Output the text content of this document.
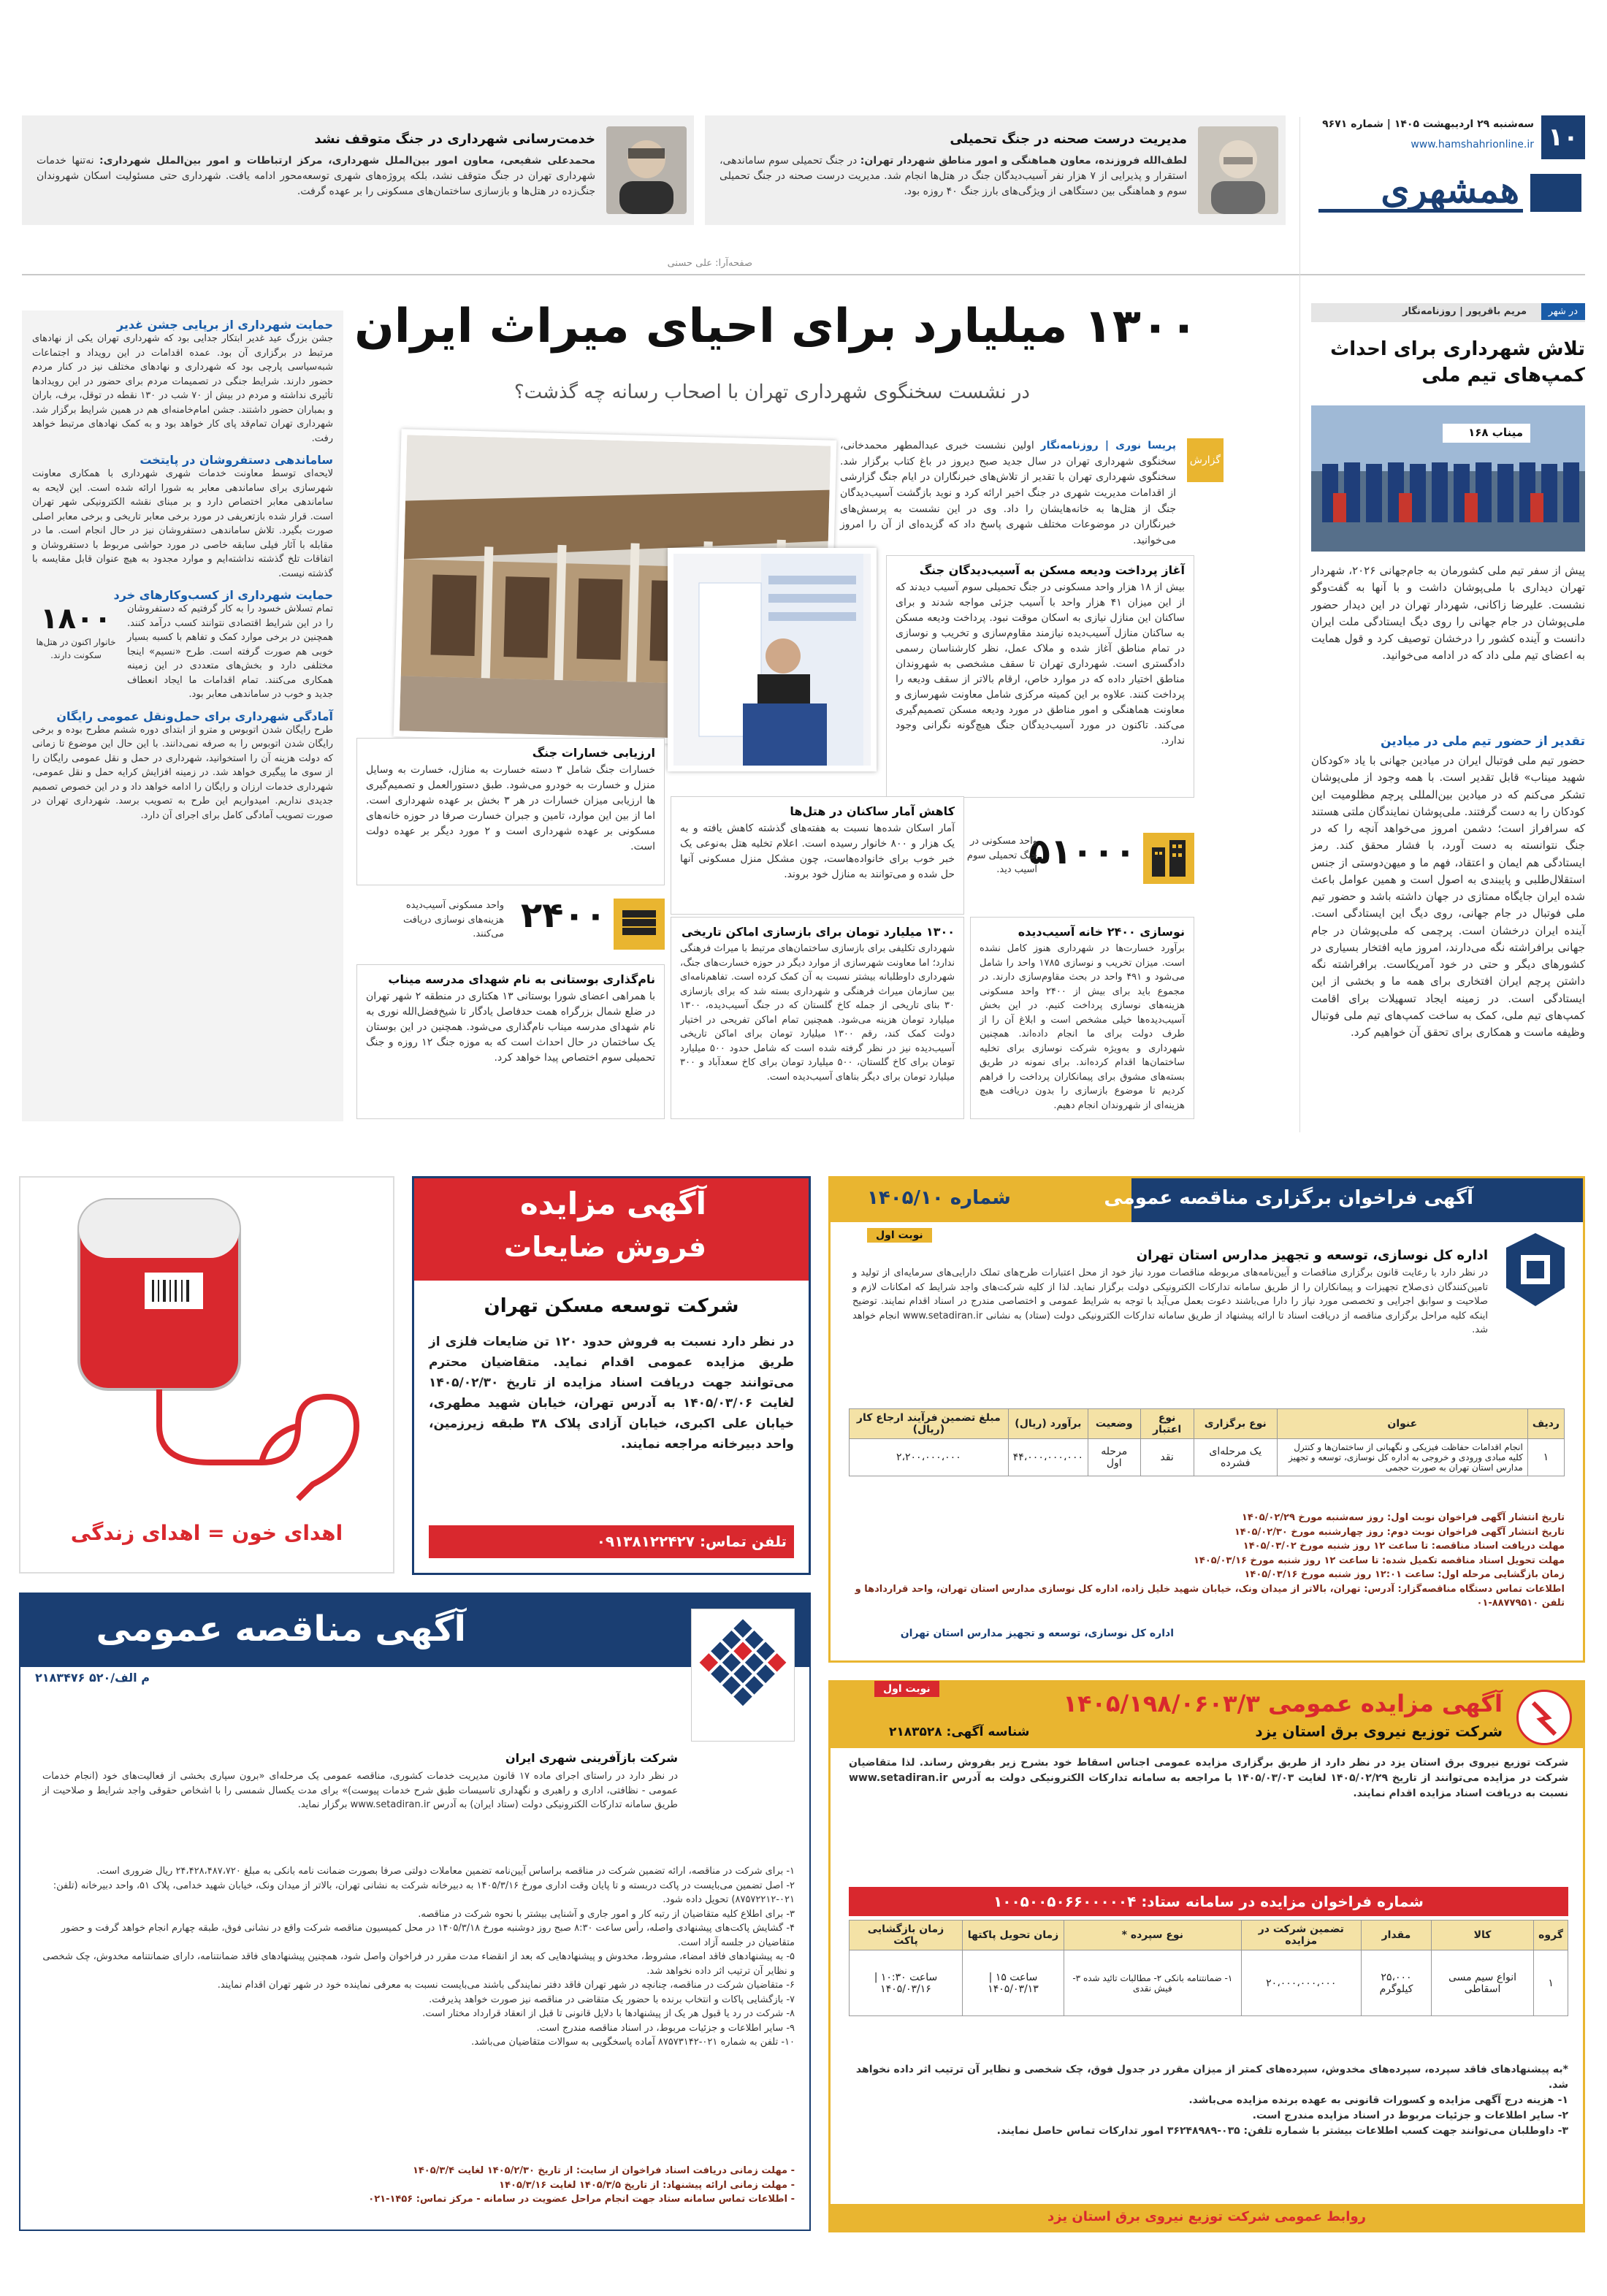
۱۰
سه‌شنبه ۲۹ اردیبهشت ۱۴۰۵ | شماره ۹۶۷۱
www.hamshahrionline.ir
همشهری
صفحه‌آرا: علی حسنی
مدیریت درست صحنه در جنگ تحمیلی
لطف‌الله فروزنده، معاون هماهنگی و امور مناطق شهردار تهران: در جنگ تحمیلی سوم ساماندهی، استقرار و پذیرایی از ۷ هزار نفر آسیب‌دیدگان جنگ در هتل‌ها انجام شد. مدیریت درست صحنه در جنگ تحمیلی سوم و هماهنگی بین دستگاهی از ویژگی‌های بارز جنگ ۴۰ روزه بود.
خدمت‌رسانی شهرداری در جنگ متوقف نشد
محمدعلی شفیعی، معاون امور بین‌الملل شهرداری، مرکز ارتباطات و امور بین‌الملل شهرداری: نه‌تنها خدمات شهرداری تهران در جنگ متوقف نشد، بلکه پروژه‌های شهری توسعه‌محور ادامه یافت. شهرداری حتی مسئولیت اسکان شهروندان جنگ‌زده در هتل‌ها و بازسازی ساختمان‌های مسکونی را بر عهده گرفت.
در شهر
مریم باقرپور | روزنامه‌نگار
تلاش شهرداری برای احداث کمپ‌های تیم ملی
میناب ۱۶۸
پیش از سفر تیم ملی کشورمان به جام‌جهانی ۲۰۲۶، شهردار تهران دیداری با ملی‌پوشان داشت و با آنها به گفت‌وگو نشست. علیرضا زاکانی، شهردار تهران در این دیدار حضور ملی‌پوشان در جام جهانی را روی دیگ ایستادگی ملت ایران دانست و آینده کشور را درخشان توصیف کرد و قول همایت به اعضای تیم ملی داد که در ادامه می‌خوانید.
تقدیر از حضور تیم ملی در میادین
حضور تیم ملی فوتبال ایران در میادین جهانی با یاد «کودکان شهید میناب» قابل تقدیر است. با همه وجود از ملی‌پوشان تشکر می‌کنم که در میادین بین‌المللی پرچم مظلومیت این کودکان را به دست گرفتند. ملی‌پوشان نمایندگان ملتی هستند که سرافراز است؛ دشمن امروز می‌خواهد آنچه را که در جنگ نتوانسته به دست آورد، با فشار محقق کند. رمز ایستادگی هم ایمان و اعتقاد، فهم ما و میهن‌دوستی از جنس استقلال‌طلبی و پایبندی به اصول است و همین عوامل باعث شده ایران جایگاه ممتازی در جهان داشته باشد و حضور تیم ملی فوتبال در جام جهانی، روی دیگ این ایستادگی است. آینده ایران درخشان است. پرچمی که ملی‌پوشان در جام جهانی برافراشته نگه می‌دارند، امروز مایه افتخار بسیاری در کشورهای دیگر و حتی در خود آمریکاست. برافراشته نگه داشتن پرچم ایران افتخاری برای همه ما و بخشی از این ایستادگی است. در زمینه ایجاد تسهیلات برای اقامت کمپ‌های تیم ملی، کمک به ساخت کمپ‌های تیم ملی فوتبال وظیفه ماست و همکاری برای تحقق آن خواهیم کرد.
۱۳۰۰ میلیارد برای احیای میراث ایران
در نشست سخنگوی شهرداری تهران با اصحاب رسانه چه گذشت؟
گزارش
پریسا نوری | روزنامه‌نگار اولین نشست خبری عبدالمطهر محمدخانی، سخنگوی شهرداری تهران در سال جدید صبح دیروز در باغ کتاب برگزار شد. سخنگوی شهرداری تهران با تقدیر از تلاش‌های خبرنگاران در ایام جنگ گزارشی از اقدامات مدیریت شهری در جنگ اخیر ارائه کرد و نوید بازگشت آسیب‌دیدگان جنگ از هتل‌ها به خانه‌هایشان را داد. وی در این نشست به پرسش‌های خبرنگاران در موضوعات مختلف شهری پاسخ داد که گزیده‌ای از آن را امروز می‌خوانید.
آغاز پرداخت ودیعه مسکن به آسیب‌دیدگان جنگ
بیش از ۱۸ هزار واحد مسکونی در جنگ تحمیلی سوم آسیب دیدند که از این میزان ۴۱ هزار واحد با آسیب جزئی مواجه شدند و برای ساکنان این منازل نیازی به اسکان موقت نبود. پرداخت ودیعه مسکن به ساکنان منازل آسیب‌دیده نیازمند مقاوم‌سازی و تخریب و نوسازی در تمام مناطق آغاز شده و ملاک عمل، نظر کارشناسان رسمی دادگستری است. شهرداری تهران تا سقف مشخصی به شهروندان مناطق اختیار داده که در موارد خاص، ارقام بالاتر از سقف ودیعه را پرداخت کنند. علاوه بر این کمیته مرکزی شامل معاونت شهرسازی و معاونت هماهنگی و امور مناطق در مورد ودیعه مسکن تصمیم‌گیری می‌کند. تاکنون در مورد آسیب‌دیدگان جنگ هیچ‌گونه نگرانی وجود ندارد.
ارزیابی خسارات جنگ
خسارات جنگ شامل ۳ دسته خسارت به منازل، خسارت به وسایل منزل و خسارت به خودرو می‌شود. طبق دستورالعمل و تصمیم‌گیری ها ارزیابی میزان خسارات در هر ۳ بخش بر عهده شهرداری است. اما از بین این موارد، تامین و جبران خسارت صرفا در حوزه خانه‌های مسکونی بر عهده شهرداری است و ۲ مورد دیگر بر عهده دولت است.
کاهش آمار ساکنان در هتل‌ها
آمار اسکان شده‌ها نسبت به هفته‌های گذشته کاهش یافته و به یک هزار و ۸۰۰ خانوار رسیده است. اعلام تخلیه هتل به‌نوعی یک خبر خوب برای خانواده‌هاست، چون مشکل منزل مسکونی آنها حل شده و می‌توانند به منازل خود بروند.
۵۱۰۰۰
واحد مسکونی در جنگ تحمیلی سوم آسیب دید.
نام‌گذاری بوستانی به نام شهدای مدرسه میناب
با همراهی اعضای شورا بوستانی ۱۳ هکتاری در منطقه ۲ شهر تهران در ضلع شمال بزرگراه همت حدفاصل یادگار تا شیخ‌فضل‌الله نوری به نام شهدای مدرسه میناب نام‌گذاری می‌شود. همچنین در این بوستان یک ساختمان در حال احداث است که به موزه جنگ ۱۲ روزه و جنگ تحمیلی سوم اختصاص پیدا خواهد کرد.
۲۴۰۰
واحد مسکونی آسیب‌دیده هزینه‌های نوسازی دریافت می‌کنند.	۱۳۰۰ میلیارد تومان برای بازسازی اماکن تاریخی
شهرداری تکلیفی برای بازسازی ساختمان‌های مرتبط با میراث فرهنگی ندارد؛ اما معاونت شهرسازی از موارد دیگر در حوزه خسارت‌های جنگ، شهرداری داوطلبانه بیشتر نسبت به آن کمک کرده است. تفاهم‌نامه‌ای بین سازمان میراث فرهنگی و شهرداری بسته شد که برای بازسازی ۳۰ بنای تاریخی از جمله کاخ گلستان که در جنگ آسیب‌دیده، ۱۳۰۰ میلیارد تومان هزینه می‌شود. همچنین تمام اماکن تفریحی در اختیار دولت کمک کند، رقم ۱۳۰۰ میلیارد تومان برای اماکن تاریخی آسیب‌دیده نیز در نظر گرفته شده است که شامل حدود ۵۰۰ میلیارد تومان برای کاخ گلستان، ۵۰۰ میلیارد تومان برای کاخ سعدآباد و ۳۰۰ میلیارد تومان برای دیگر بناهای آسیب‌دیده است.
نوسازی ۲۴۰۰ خانه آسیب‌دیده
برآورد خسارت‌ها در شهرداری هنوز کامل نشده است. میزان تخریب و نوسازی ۱۷۸۵ واحد را شامل می‌شود و ۴۹۱ واحد در بحث مقاوم‌سازی دارند. در مجموع باید برای بیش از ۲۴۰۰ واحد مسکونی هزینه‌های نوسازی پرداخت کنیم. در این بخش آسیب‌دیده‌ها خیلی مشخص است و ابلاغ آن را از طرف دولت برای ما انجام داده‌اند. همچنین شهرداری و به‌ویژه شرکت نوسازی برای تخلیه ساختمان‌ها اقدام کرده‌اند. برای نمونه در طریق بسته‌های مشوق برای پیمانکاران پرداخت را فراهم کردیم تا موضوع بازسازی را بدون دریافت هیچ هزینه‌ای از شهروندان انجام دهیم.
حمایت شهرداری از برپایی جشن غدیر
جشن بزرگ عید غدیر ابتکار جدایی بود که شهرداری تهران یکی از نهادهای مرتبط در برگزاری آن بود. عمده اقدامات در این رویداد و اجتماعات شبه‌سیاسی پارچی بود که شهرداری و نهادهای مختلف نیز در کنار مردم حضور دارند. شرایط جنگی در تصمیمات مردم برای حضور در این رویدادها تأثیری نداشته و مردم در بیش از ۷۰ شب در ۱۳۰ نقطه در توقل، برف، باران و بمباران حضور داشتند. جشن امام‌خامنه‌ای هم در همین شرایط برگزار شد. شهرداری تهران تمام‌قد پای کار خواهد بود و به کمک نهادهای مرتبط خواهد رفت.
ساماندهی دستفروشان در پایتخت
لایحه‌ای توسط معاونت خدمات شهری شهرداری با همکاری معاونت شهرسازی برای ساماندهی معابر به شورا ارائه شده است. این لایحه به ساماندهی معابر اختصاص دارد و بر مبنای نقشه الکترونیکی شهر تهران است. قرار شده بازتعریفی در مورد برخی معابر تاریخی و برخی معابر اصلی صورت بگیرد. تلاش ساماندهی دستفروشان نیز در حال انجام است. ما در مقابله با آثار فیلی سابقه خاصی در مورد حواشی مربوط با دستفروشان و اتفاقات تلخ گذشته نداشته‌ایم و موارد مجدود به هیچ عنوان قابل مقایسه با گذشته نیست.
حمایت شهرداری از کسب‌وکارهای خرد
تمام تسلاش خسود را به کار گرفتیم که دستفروشان را در این شرایط اقتصادی نتوانند کسب درآمد کنند. همچنین در برخی موارد کمک و تفاهم با کسبه بسیار خوبی هم صورت گرفته است. طرح «نسیم» اینجا مختلفی دارد و بخش‌های متعددی در این زمینه همکاری می‌کنند. تمام اقدامات ما ایجاد انعطاف جدید و خوب در ساماندهی معابر بود.
۱۸۰۰
خانوار اکنون در هتل‌ها سکونت دارند.
آمادگی شهرداری برای حمل‌ونقل عمومی رایگان
طرح رایگان شدن اتوبوس و مترو از ابتدای دوره ششم مطرح بوده و برخی رایگان شدن اتوبوس را به صرفه نمی‌دانند. با این حال این موضوع تا زمانی که دولت هزینه آن را استخوانید، شهرداری در حمل و نقل عمومی رایگان را از سوی ما پیگیری خواهد شد. در زمینه افزایش کرایه حمل و نقل عمومی، شهرداری خدمات ارزان و رایگان را ادامه خواهد داد و در این خصوص تصمیم جدیدی نداریم. امیدواریم این طرح به تصویب برسد. شهرداری تهران در صورت تصویب آمادگی کامل برای اجرای آن دارد.
آگهی فراخوان برگزاری مناقصه عمومی
شماره ۱۴۰۵/۱۰
نوبت اول
اداره کل نوسازی، توسعه و تجهیز مدارس استان تهران
در نظر دارد با رعایت قانون برگزاری مناقصات و آیین‌نامه‌های مربوطه مناقصات مورد نیاز خود از محل اعتبارات طرح‌های تملک دارایی‌های سرمایه‌ای از تولید و تامین‌کنندگان ذی‌صلاح تجهیزات و پیمانکاران را از طریق سامانه تدارکات الکترونیکی دولت برگزار نماید. لذا از کلیه شرکت‌های واجد شرایط که امکانات لازم و صلاحیت و سوابق اجرایی و تخصصی مورد نیاز را دارا می‌باشند دعوت بعمل می‌آید با توجه به شرایط عمومی و اختصاصی مندرج در اسناد اقدام نمایند. توضیح اینکه کلیه مراحل برگزاری مناقصه از دریافت اسناد تا ارائه پیشنهاد از طریق سامانه تدارکات الکترونیکی دولت (ستاد) به نشانی www.setadiran.ir انجام خواهد شد.
ردیف	عنوان	نوع برگزاری	نوع اعتبار	وضعیت	برآورد (ریال)	مبلغ تضمین فرآیند ارجاع کار (ریال)
۱	انجام اقدامات حفاظت فیزیکی و نگهبانی از ساختمان‌ها و کنترل کلیه مبادی ورودی و خروجی به اداره کل نوسازی، توسعه و تجهیز مدارس استان تهران به صورت حجمی	یک مرحله‌ای فشرده	نقد	مرحله اول	۴۴،۰۰۰،۰۰۰،۰۰۰	۲،۲۰۰،۰۰۰،۰۰۰
تاریخ انتشار آگهی فراخوان نوبت اول: روز سه‌شنبه مورخ ۱۴۰۵/۰۲/۲۹
تاریخ انتشار آگهی فراخوان نوبت دوم: روز چهارشنبه مورخ ۱۴۰۵/۰۲/۳۰
مهلت دریافت اسناد مناقصه: تا ساعت ۱۲ روز شنبه مورخ ۱۴۰۵/۰۳/۰۲
مهلت تحویل اسناد مناقصه تکمیل شده: تا ساعت ۱۲ روز شنبه مورخ ۱۴۰۵/۰۳/۱۶
زمان بازگشایی مرحله اول: ساعت ۱۲:۰۱ روز شنبه مورخ ۱۴۰۵/۰۳/۱۶
اطلاعات تماس دستگاه مناقصه‌گزار: آدرس: تهران، بالاتر از میدان ونک، خیابان شهید خلیل زاده، اداره کل نوسازی مدارس استان تهران، واحد قراردادها و تلفن ۸۸۷۷۹۵۱۰-۰۱
اداره کل نوسازی، توسعه و تجهیز مدارس استان تهران
آگهی مزایده
فروش ضایعات
شرکت توسعه مسکن تهران
در نظر دارد نسبت به فروش حدود ۱۲۰ تن ضایعات فلزی از طریق مزایده عمومی اقدام نماید. متقاضیان محترم می‌توانند جهت دریافت اسناد مزایده از تاریخ ۱۴۰۵/۰۲/۳۰ لغایت ۱۴۰۵/۰۳/۰۶ به آدرس تهران، خیابان شهید مطهری، خیابان علی اکبری، خیابان آزادی پلاک ۳۸ طبقه زیرزمین، واحد دبیرخانه مراجعه نمایند.
تلفن تماس: ۰۹۱۳۸۱۲۲۴۲۷
اهدای خون = اهدای زندگی
آگهی مزایده عمومی ۱۴۰۵/۱۹۸/۰۶۰۳/۳
شرکت توزیع نیروی برق استان یزد
شناسه آگهی: ۲۱۸۳۵۲۸
نوبت اول
شرکت توزیع نیروی برق استان یزد در نظر دارد از طریق برگزاری مزایده عمومی اجناس اسقاط خود بشرح زیر بفروش رساند. لذا متقاضیان شرکت در مزایده می‌توانند از تاریخ ۱۴۰۵/۰۲/۲۹ لغایت ۱۴۰۵/۰۳/۰۳ با مراجعه به سامانه تدارکات الکترونیکی دولت به آدرس www.setadiran.ir نسبت به دریافت اسناد مزایده اقدام نمایند.
شماره فراخوان مزایده در سامانه ستاد: ۱۰۰۵۰۰۵۰۶۶۰۰۰۰۰۴
گروه	کالا	مقدار	تضمین شرکت در مزایده	نوع سپرده *	زمان تحویل پاکتها	زمان بازگشایی پاکت
۱	انواع سیم مسی اسقاطی	۲۵،۰۰۰ کیلوگرم	۲۰،۰۰۰،۰۰۰،۰۰۰	۱- ضمانتنامه بانکی ۲- مطالبات تائید شده ۳- فیش نقدی	ساعت ۱۵ | ۱۴۰۵/۰۳/۱۳	ساعت ۱۰:۳۰ | ۱۴۰۵/۰۳/۱۶
*به پیشنهادهای فاقد سپرده، سپرده‌های مخدوش، سپرده‌های کمتر از میزان مقرر در جدول فوق، چک شخصی و نظایر آن ترتیب اثر داده نخواهد شد.
۱- هزینه درج آگهی مزایده و کسورات قانونی به عهده برنده مزایده می‌باشد.
۲- سایر اطلاعات و جزئیات مربوط در اسناد مزایده مندرج است.
۳- داوطلبان می‌توانند جهت کسب اطلاعات بیشتر با شماره تلفن: ۰۳۵-۳۶۲۴۸۹۸۹ امور تدارکات تماس حاصل نمایند.
روابط عمومی شرکت توزیع نیروی برق استان یزد
آگهی مناقصه عمومی
م الف/۵۲۰ ۲۱۸۳۴۷۶
شرکت بازآفرینی شهری ایران
در نظر دارد در راستای اجرای ماده ۱۷ قانون مدیریت خدمات کشوری، مناقصه عمومی یک مرحله‌ای «برون سپاری بخشی از فعالیت‌های خود (انجام خدمات عمومی - نظافتی، اداری و راهبری و نگهداری تاسیسات طبق شرح خدمات پیوست)» برای مدت یکسال شمسی را با اشخاص حقوقی واجد شرایط و صلاحیت از طریق سامانه تدارکات الکترونیکی دولت (ستاد ایران) به آدرس www.setadiran.ir برگزار نماید.
۱- برای شرکت در مناقصه، ارائه تضمین شرکت در مناقصه براساس آیین‌نامه تضمین معاملات دولتی صرفا بصورت ضمانت نامه بانکی به مبلغ ۲۴،۴۲۸،۴۸۷،۷۲۰ ریال ضروری است.
۲- اصل تضمین می‌بایست در پاکت دربسته و تا پایان وقت اداری مورخ ۱۴۰۵/۳/۱۶ به دبیرخانه شرکت به نشانی تهران، بالاتر از میدان ونک، خیابان شهید خدامی، پلاک ۵۱، واحد دبیرخانه (تلفن: ۰۲۱-۸۷۵۷۲۲۱۲) تحویل داده شود.
۳- برای اطلاع کلیه متقاضیان از رتبه کار و امور جاری و آشنایی بیشتر با نحوه شرکت در مناقصه.
۴- گشایش پاکت‌های پیشنهادی واصله، رأس ساعت ۸:۳۰ صبح روز دوشنبه مورخ ۱۴۰۵/۳/۱۸ در محل کمیسیون مناقصه شرکت واقع در نشانی فوق، طبقه چهارم انجام خواهد گرفت و حضور متقاضیان در جلسه آزاد است.
۵- به پیشنهادهای فاقد امضاء، مشروط، مخدوش و پیشنهادهایی که بعد از انقضاء مدت مقرر در فراخوان واصل شود، همچنین پیشنهادهای فاقد ضمانتنامه، دارای ضمانتنامه مخدوش، چک شخصی و نظایر آن ترتیب اثر داده نخواهد شد.
۶- متقاضیان شرکت در مناقصه، چنانچه در شهر تهران فاقد دفتر نمایندگی باشند می‌بایست نسبت به معرفی نماینده خود در شهر تهران اقدام نمایند.
۷- بازگشایی پاکات و انتخاب برنده با حضور یک متقاضی در مناقصه نیز صورت خواهد پذیرفت.
۸- شرکت در رد یا قبول هر یک از پیشنهادها با دلایل قانونی تا قبل از انعقاد قرارداد مختار است.
۹- سایر اطلاعات و جزئیات مربوط، در اسناد مناقصه مندرج است.
۱۰- تلفن به شماره ۰۲۱-۸۷۵۷۳۱۴۲ آماده پاسخگویی به سوالات متقاضیان می‌باشد.
- مهلت زمانی دریافت اسناد فراخوان از سایت: از تاریخ ۱۴۰۵/۲/۳۰ لغایت ۱۴۰۵/۳/۴
- مهلت زمانی ارائه پیشنهاد: از تاریخ ۱۴۰۵/۳/۵ لغایت ۱۴۰۵/۳/۱۶
- اطلاعات تماس سامانه ستاد جهت انجام مراحل عضویت در سامانه - مرکز تماس: ۱۴۵۶-۰۲۱
